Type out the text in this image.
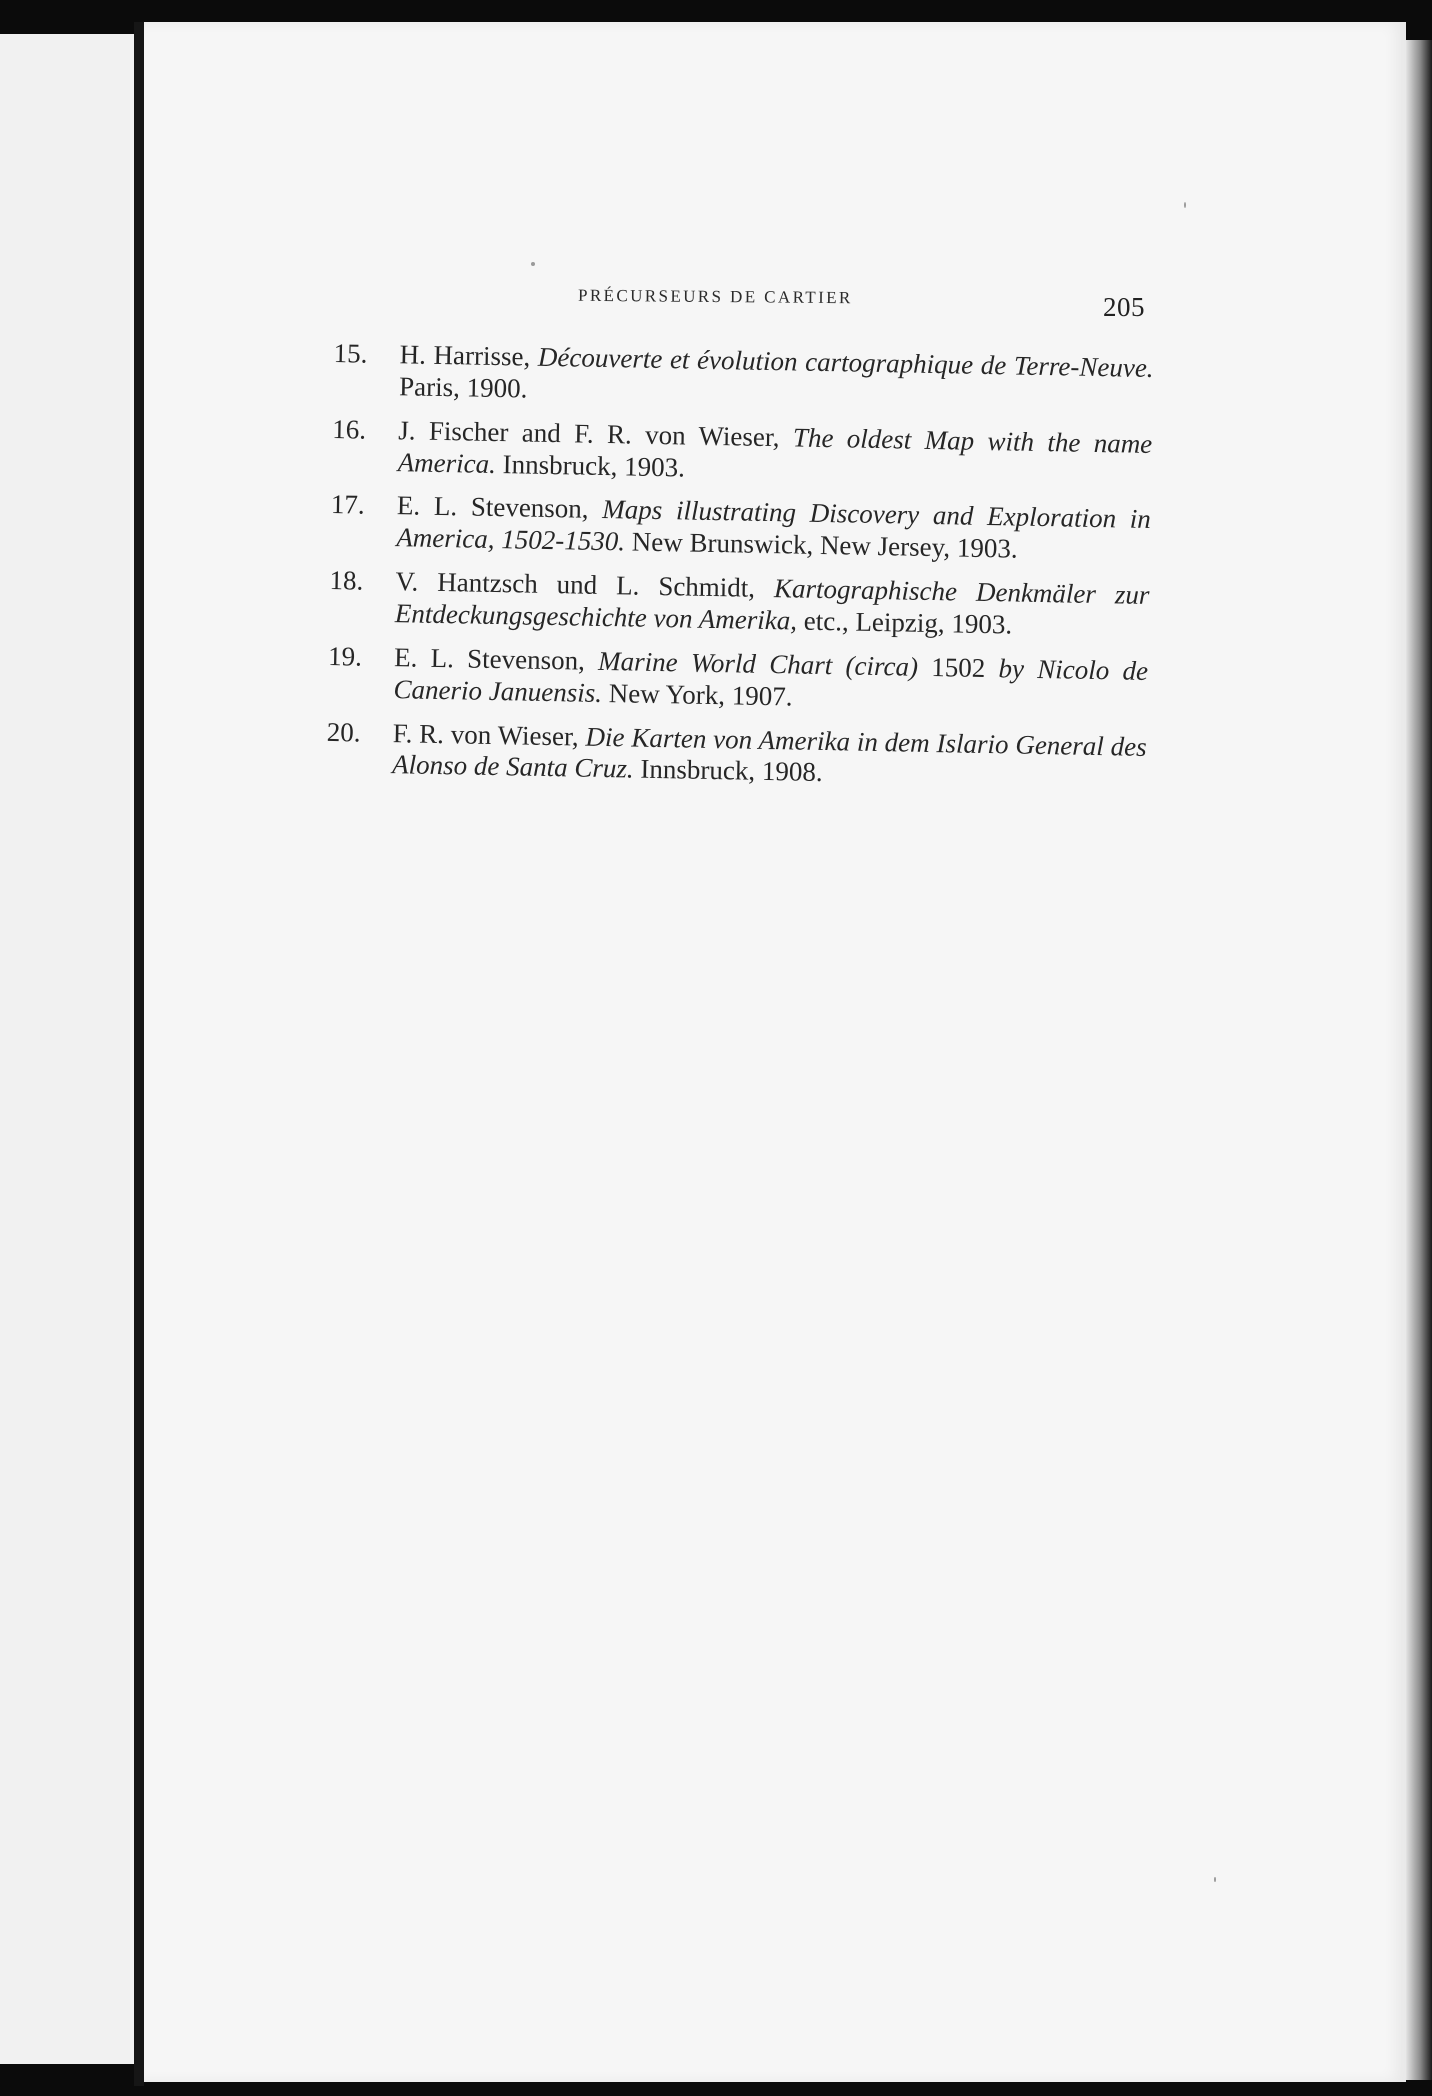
PRÉCURSEURS DE CARTIER	205
15. H. Harrisse, Découverte et évolution cartographique de Terre-Neuve. Paris, 1900.
16. J. Fischer and F. R. von Wieser, The oldest Map with the name America. Innsbruck, 1903.
17. E. L. Stevenson, Maps illustrating Discovery and Exploration in America, 1502-1530. New Brunswick, New Jersey, 1903.
18. V. Hantzsch und L. Schmidt, Kartographische Denkmäler zur Entdeckungsgeschichte von Amerika, etc., Leipzig, 1903.
19. E. L. Stevenson, Marine World Chart (circa) 1502 by Nicolo de Canerio Januensis. New York, 1907.
20. F. R. von Wieser, Die Karten von Amerika in dem Islario General des Alonso de Santa Cruz. Innsbruck, 1908.
